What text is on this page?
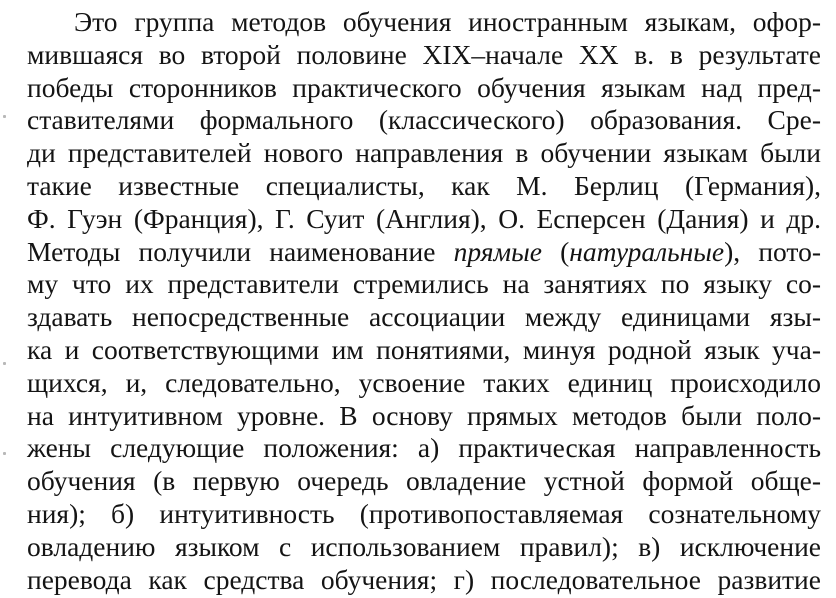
Это группа методов обучения иностранным языкам, офор-
мившаяся во второй половине XIX–начале XX в. в результате
победы сторонников практического обучения языкам над пред-
ставителями формального (классического) образования. Сре-
ди представителей нового направления в обучении языкам были
такие известные специалисты, как М. Берлиц (Германия),
Ф. Гуэн (Франция), Г. Суит (Англия), О. Есперсен (Дания) и др.
Методы получили наименование прямые (натуральные), пото-
му что их представители стремились на занятиях по языку со-
здавать непосредственные ассоциации между единицами язы-
ка и соответствующими им понятиями, минуя родной язык уча-
щихся, и, следовательно, усвоение таких единиц происходило
на интуитивном уровне. В основу прямых методов были поло-
жены следующие положения: а) практическая направленность
обучения (в первую очередь овладение устной формой обще-
ния); б) интуитивность (противопоставляемая сознательному
овладению языком с использованием правил); в) исключение
перевода как средства обучения; г) последовательное развитие
